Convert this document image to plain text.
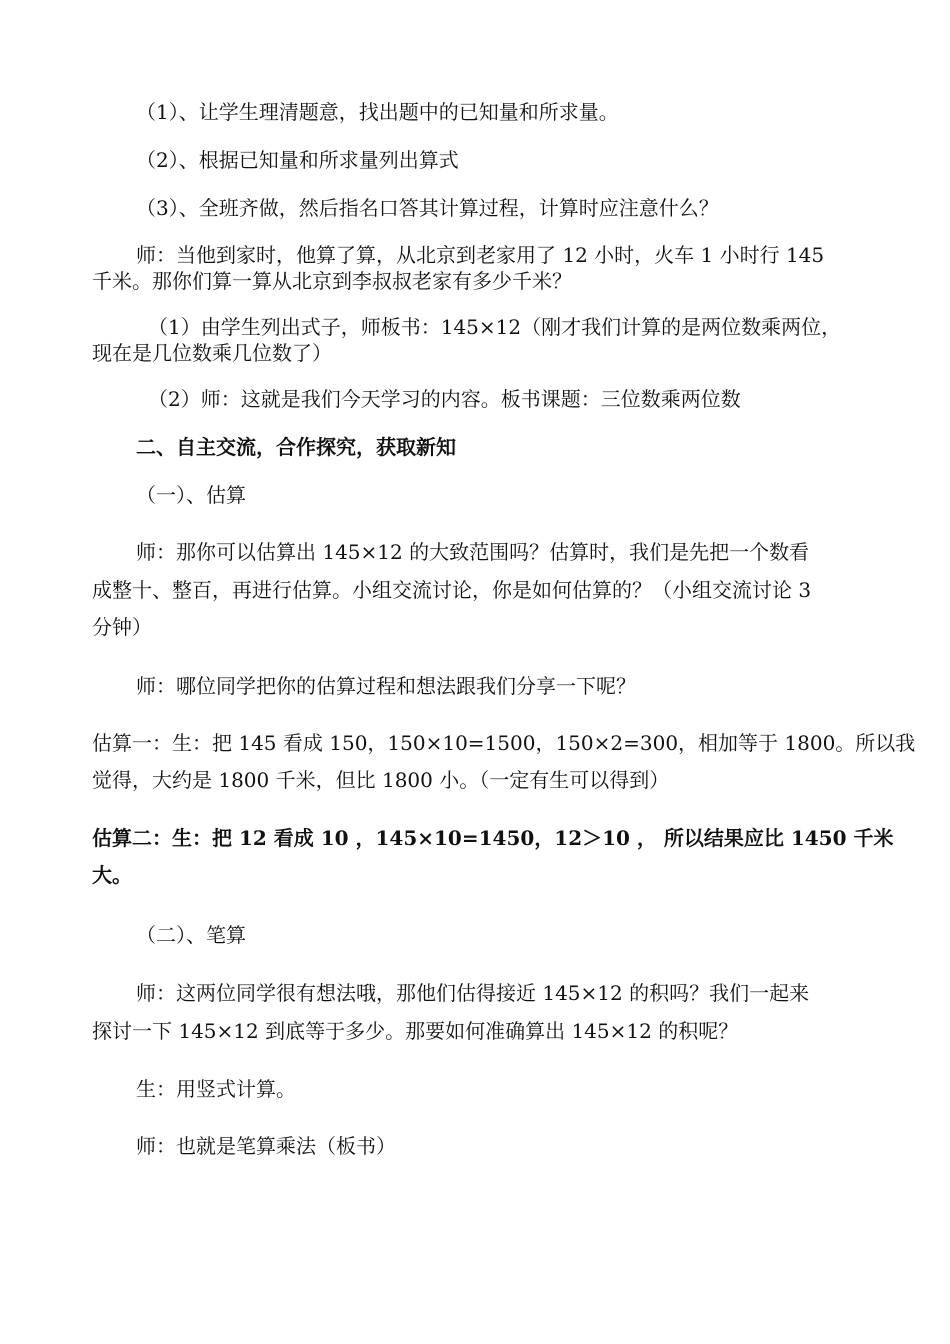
（1）、让学生理清题意，找出题中的已知量和所求量。
（2）、根据已知量和所求量列出算式
（3）、全班齐做，然后指名口答其计算过程，计算时应注意什么？
师：当他到家时，他算了算，从北京到老家用了 12 小时，火车 1 小时行 145
千米。那你们算一算从北京到李叔叔老家有多少千米？
（1）由学生列出式子，师板书：145×12（刚才我们计算的是两位数乘两位，
现在是几位数乘几位数了）
（2）师：这就是我们今天学习的内容。板书课题：三位数乘两位数
二、自主交流，合作探究，获取新知
（一）、估算
师：那你可以估算出 145×12 的大致范围吗？估算时，我们是先把一个数看
成整十、整百，再进行估算。小组交流讨论，你是如何估算的？（小组交流讨论 3
分钟）
师：哪位同学把你的估算过程和想法跟我们分享一下呢？
估算一：生：把 145 看成 150，150×10=1500，150×2=300，相加等于 1800。所以我
觉得，大约是 1800 千米，但比 1800 小。（一定有生可以得到）
估算二：生：把 12 看成 10 ，145×10=1450，12＞10 ， 所以结果应比 1450 千米
大。
（二）、笔算
师：这两位同学很有想法哦，那他们估得接近 145×12 的积吗？我们一起来
探讨一下 145×12 到底等于多少。那要如何准确算出 145×12 的积呢？
生：用竖式计算。
师：也就是笔算乘法（板书）
